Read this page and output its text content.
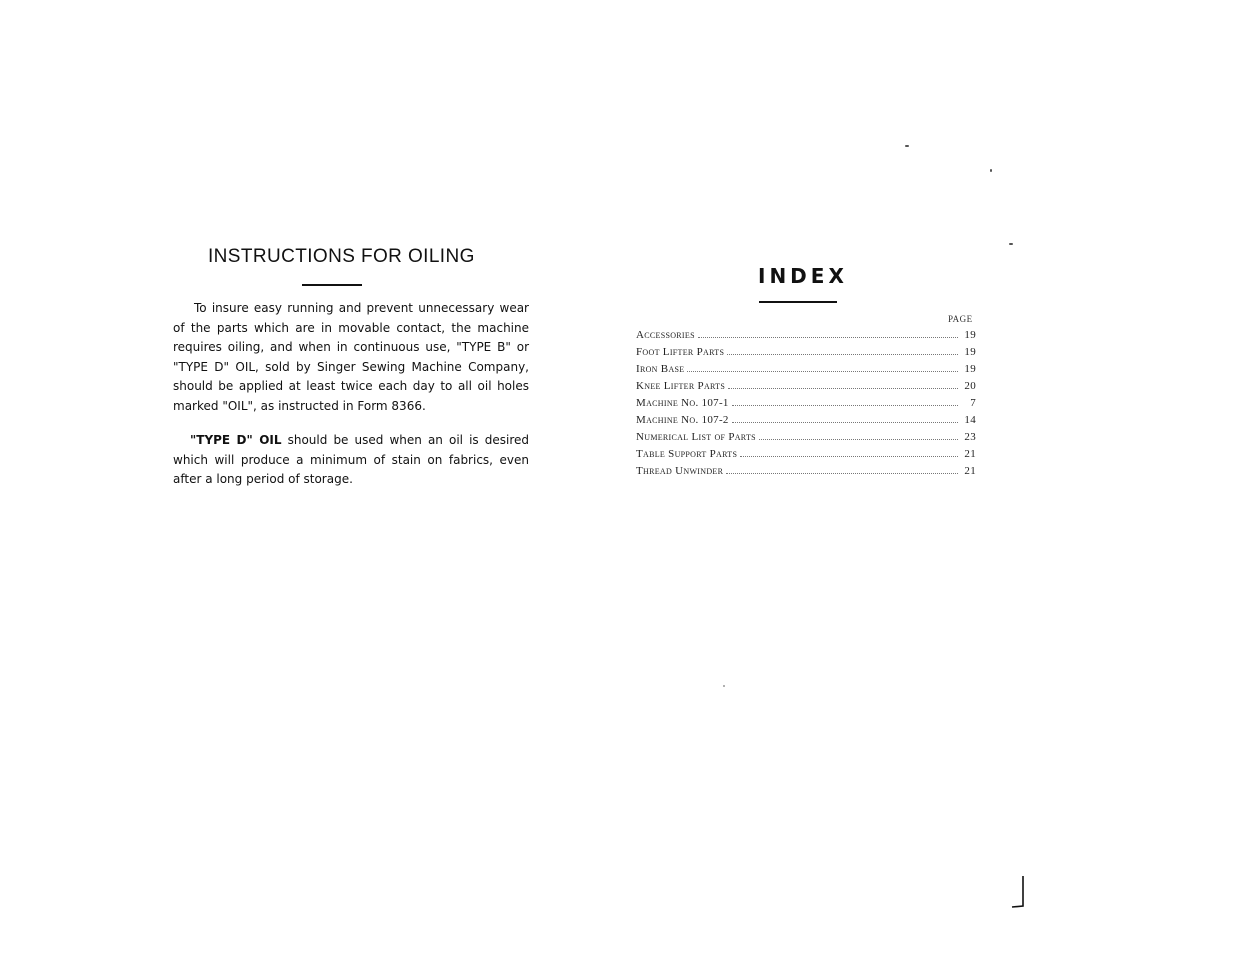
INSTRUCTIONS FOR OILING

To insure easy running and prevent unnecessary wear of the parts which are in movable contact, the machine requires oiling, and when in continuous use, "TYPE B" or "TYPE D" OIL, sold by Singer Sewing Machine Company, should be applied at least twice each day to all oil holes marked "OIL", as instructed in Form 8366.

"TYPE D" OIL should be used when an oil is desired which will produce a minimum of stain on fabrics, even after a long period of storage.

INDEX
PAGE
Accessories	19
Foot Lifter Parts	19
Iron Base	19
Knee Lifter Parts	20
Machine No. 107-1	7
Machine No. 107-2	14
Numerical List of Parts	23
Table Support Parts	21
Thread Unwinder	21
